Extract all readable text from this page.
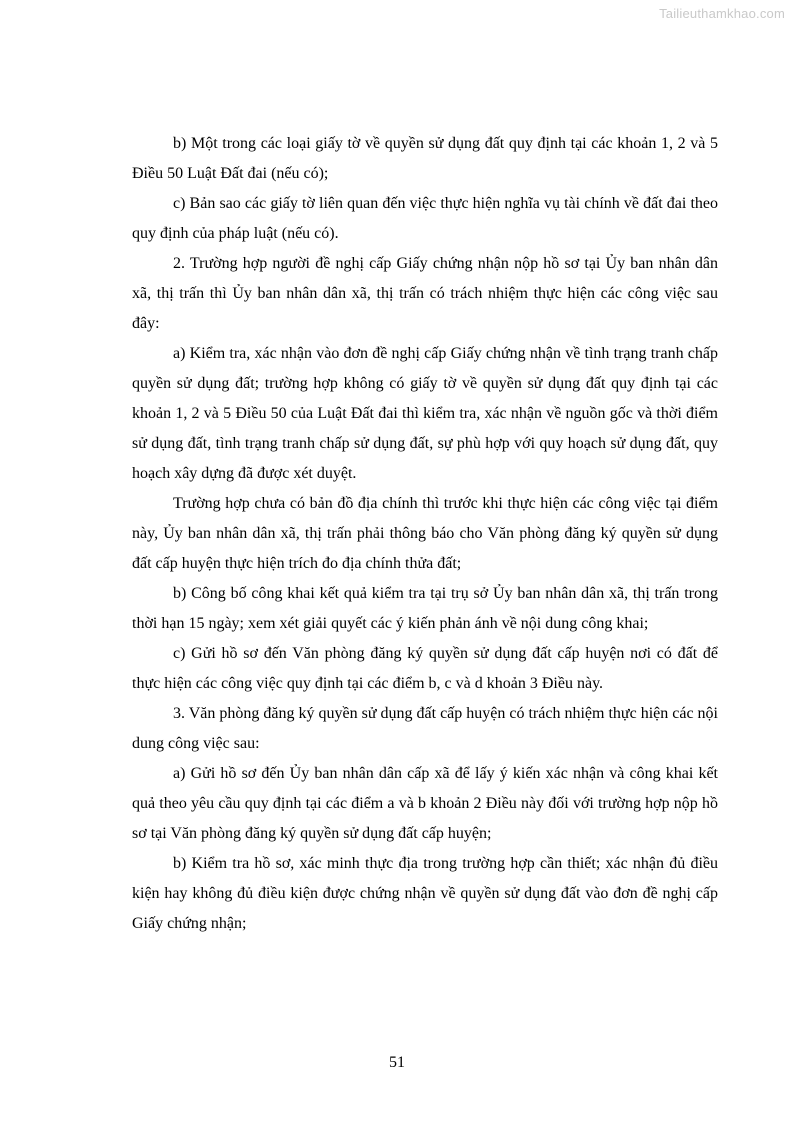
Tailieuthamkhao.com

b) Một trong các loại giấy tờ về quyền sử dụng đất quy định tại các khoản 1, 2 và 5 Điều 50 Luật Đất đai (nếu có);

c) Bản sao các giấy tờ liên quan đến việc thực hiện nghĩa vụ tài chính về đất đai theo quy định của pháp luật (nếu có).

2. Trường hợp người đề nghị cấp Giấy chứng nhận nộp hồ sơ tại Ủy ban nhân dân xã, thị trấn thì Ủy ban nhân dân xã, thị trấn có trách nhiệm thực hiện các công việc sau đây:

a) Kiểm tra, xác nhận vào đơn đề nghị cấp Giấy chứng nhận về tình trạng tranh chấp quyền sử dụng đất; trường hợp không có giấy tờ về quyền sử dụng đất quy định tại các khoản 1, 2 và 5 Điều 50 của Luật Đất đai thì kiểm tra, xác nhận về nguồn gốc và thời điểm sử dụng đất, tình trạng tranh chấp sử dụng đất, sự phù hợp với quy hoạch sử dụng đất, quy hoạch xây dựng đã được xét duyệt.

Trường hợp chưa có bản đồ địa chính thì trước khi thực hiện các công việc tại điểm này, Ủy ban nhân dân xã, thị trấn phải thông báo cho Văn phòng đăng ký quyền sử dụng đất cấp huyện thực hiện trích đo địa chính thửa đất;

b) Công bố công khai kết quả kiểm tra tại trụ sở Ủy ban nhân dân xã, thị trấn trong thời hạn 15 ngày; xem xét giải quyết các ý kiến phản ánh về nội dung công khai;

c) Gửi hồ sơ đến Văn phòng đăng ký quyền sử dụng đất cấp huyện nơi có đất để thực hiện các công việc quy định tại các điểm b, c và d khoản 3 Điều này.

3. Văn phòng đăng ký quyền sử dụng đất cấp huyện có trách nhiệm thực hiện các nội dung công việc sau:

a) Gửi hồ sơ đến Ủy ban nhân dân cấp xã để lấy ý kiến xác nhận và công khai kết quả theo yêu cầu quy định tại các điểm a và b khoản 2 Điều này đối với trường hợp nộp hồ sơ tại Văn phòng đăng ký quyền sử dụng đất cấp huyện;

b) Kiểm tra hồ sơ, xác minh thực địa trong trường hợp cần thiết; xác nhận đủ điều kiện hay không đủ điều kiện được chứng nhận về quyền sử dụng đất vào đơn đề nghị cấp Giấy chứng nhận;

51
